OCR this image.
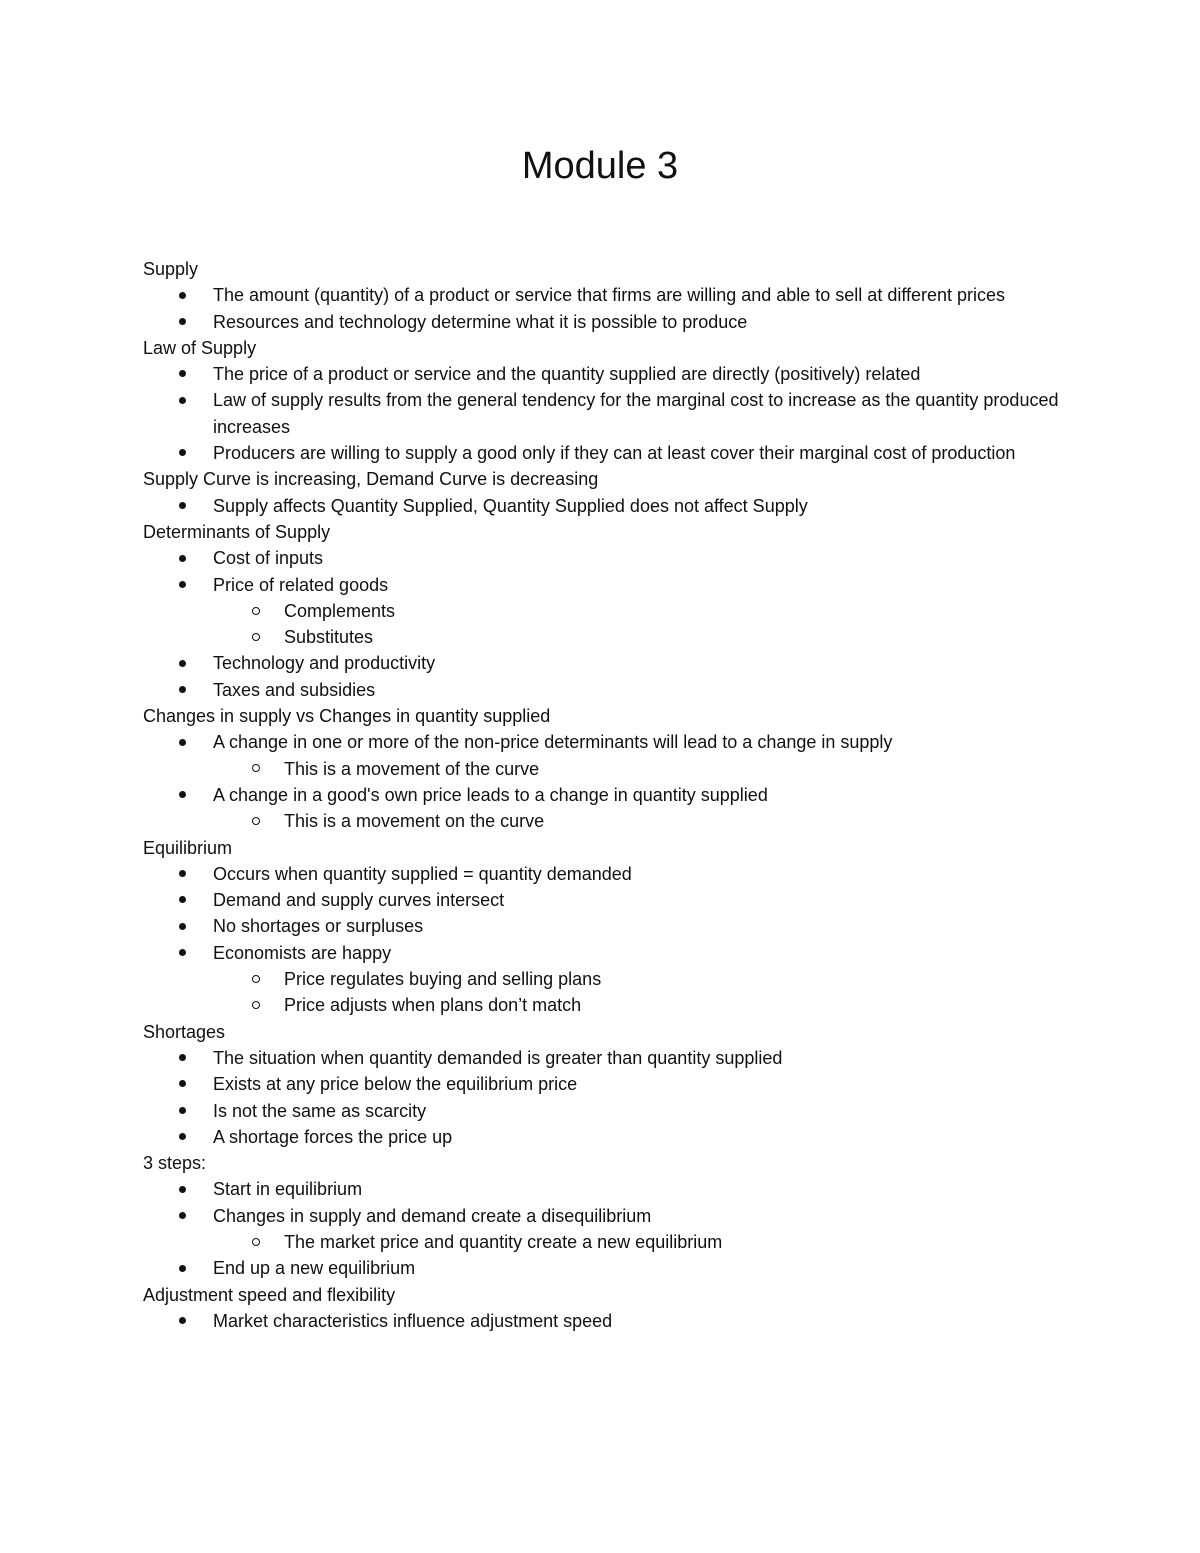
Module 3

Supply

The amount (quantity) of a product or service that firms are willing and able to sell at different prices
Resources and technology determine what it is possible to produce

Law of Supply

The price of a product or service and the quantity supplied are directly (positively) related
Law of supply results from the general tendency for the marginal cost to increase as the quantity produced increases
Producers are willing to supply a good only if they can at least cover their marginal cost of production

Supply Curve is increasing, Demand Curve is decreasing

Supply affects Quantity Supplied, Quantity Supplied does not affect Supply

Determinants of Supply

Cost of inputs
Price of related goods
Complements
Substitutes
Technology and productivity
Taxes and subsidies

Changes in supply vs Changes in quantity supplied

A change in one or more of the non-price determinants will lead to a change in supply
This is a movement of the curve
A change in a good's own price leads to a change in quantity supplied
This is a movement on the curve

Equilibrium

Occurs when quantity supplied = quantity demanded
Demand and supply curves intersect
No shortages or surpluses
Economists are happy
Price regulates buying and selling plans
Price adjusts when plans don’t match

Shortages

The situation when quantity demanded is greater than quantity supplied
Exists at any price below the equilibrium price
Is not the same as scarcity
A shortage forces the price up

3 steps:

Start in equilibrium
Changes in supply and demand create a disequilibrium
The market price and quantity create a new equilibrium
End up a new equilibrium

Adjustment speed and flexibility

Market characteristics influence adjustment speed
